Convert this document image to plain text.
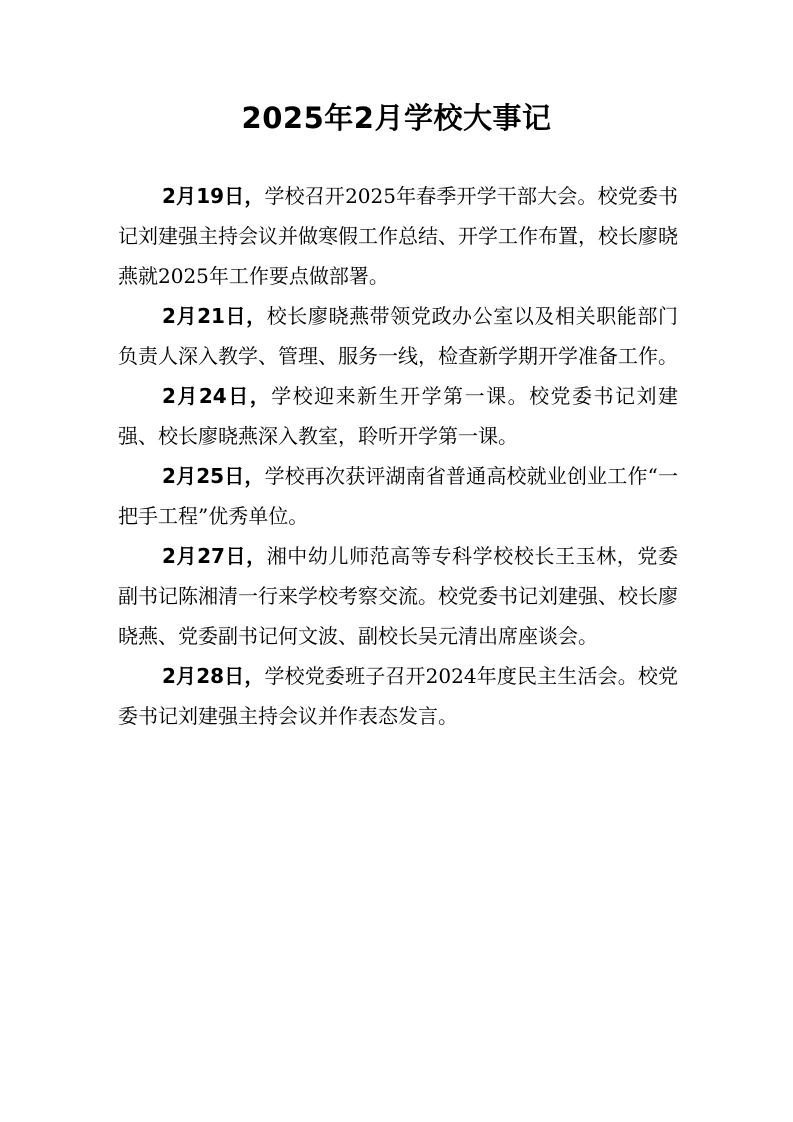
2025年2月学校大事记

2月19日，学校召开2025年春季开学干部大会。校党委书记刘建强主持会议并做寒假工作总结、开学工作布置，校长廖晓燕就2025年工作要点做部署。

2月21日，校长廖晓燕带领党政办公室以及相关职能部门负责人深入教学、管理、服务一线，检查新学期开学准备工作。

2月24日，学校迎来新生开学第一课。校党委书记刘建强、校长廖晓燕深入教室，聆听开学第一课。

2月25日，学校再次获评湖南省普通高校就业创业工作“一把手工程”优秀单位。

2月27日，湘中幼儿师范高等专科学校校长王玉林，党委副书记陈湘清一行来学校考察交流。校党委书记刘建强、校长廖晓燕、党委副书记何文波、副校长吴元清出席座谈会。

2月28日，学校党委班子召开2024年度民主生活会。校党委书记刘建强主持会议并作表态发言。
